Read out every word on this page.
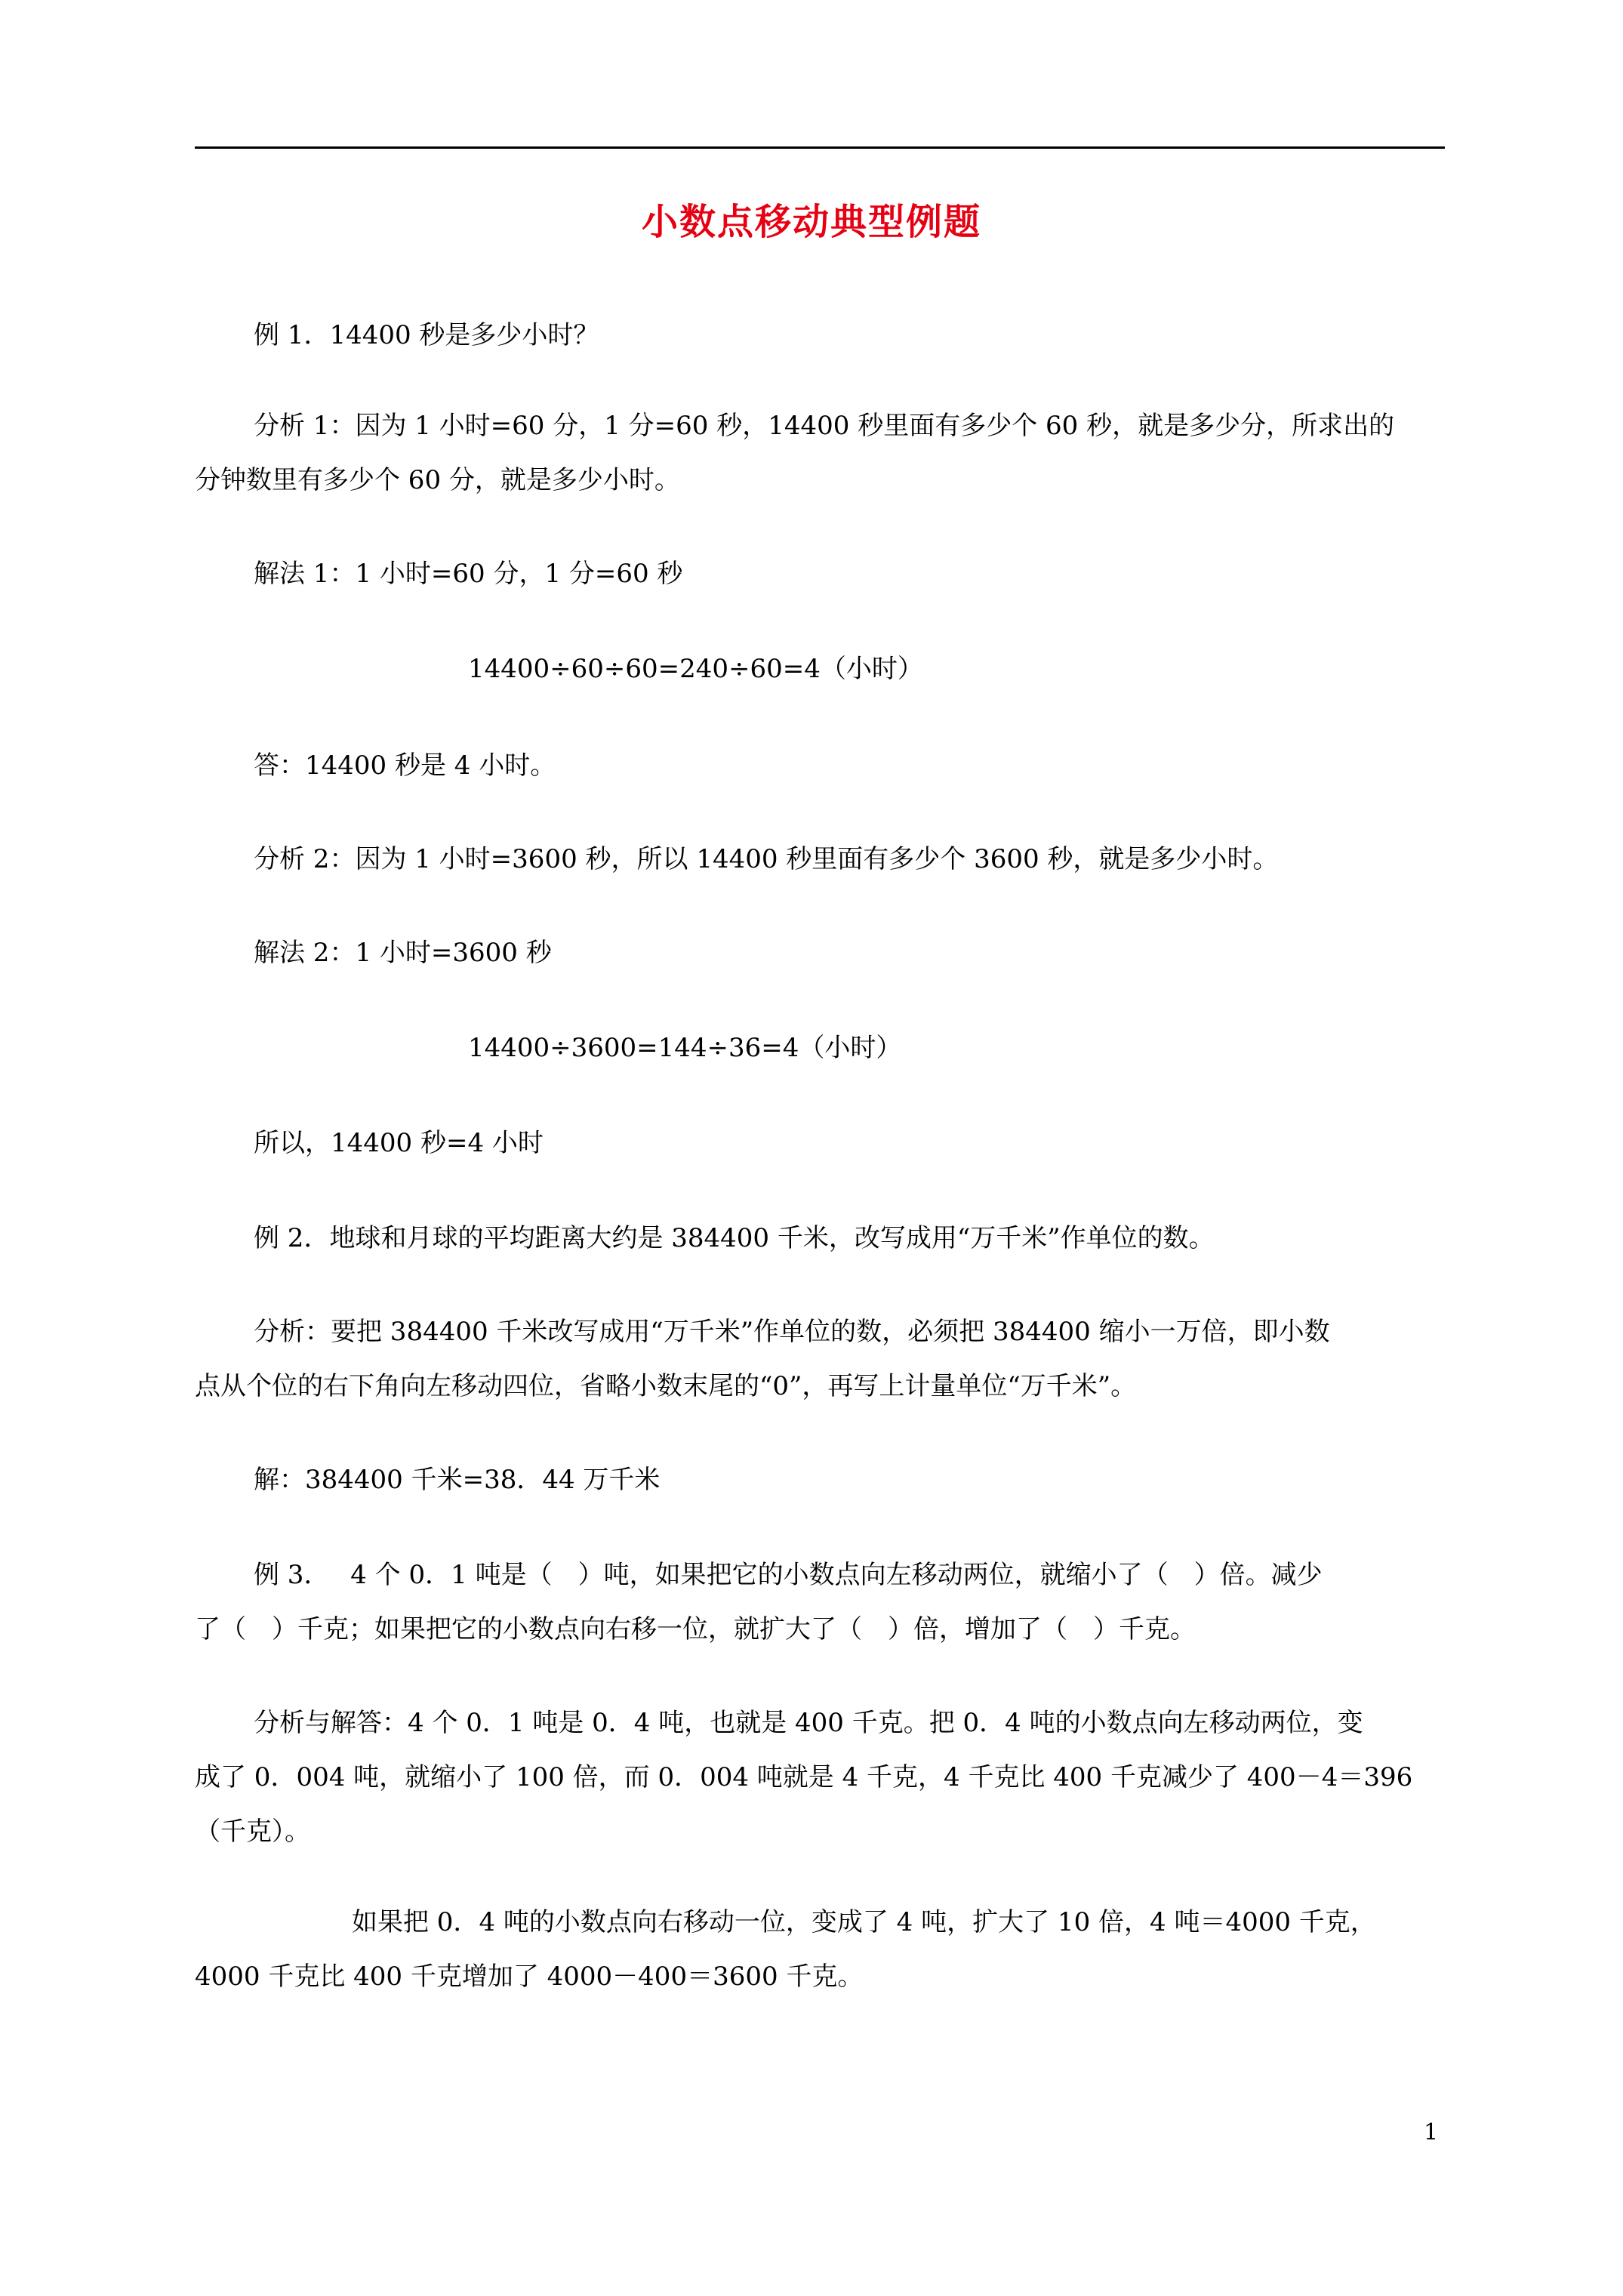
小数点移动典型例题
例 1．14400 秒是多少小时？
分析 1：因为 1 小时=60 分，1 分=60 秒，14400 秒里面有多少个 60 秒，就是多少分，所求出的
分钟数里有多少个 60 分，就是多少小时。
解法 1：1 小时=60 分，1 分=60 秒
14400÷60÷60=240÷60=4（小时）
答：14400 秒是 4 小时。
分析 2：因为 1 小时=3600 秒，所以 14400 秒里面有多少个 3600 秒，就是多少小时。
解法 2：1 小时=3600 秒
14400÷3600=144÷36=4（小时）
所以，14400 秒=4 小时
例 2．地球和月球的平均距离大约是 384400 千米，改写成用“万千米”作单位的数。
分析：要把 384400 千米改写成用“万千米”作单位的数，必须把 384400 缩小一万倍，即小数
点从个位的右下角向左移动四位，省略小数末尾的“0”，再写上计量单位“万千米”。
解：384400 千米=38．44 万千米
例 3．　 4 个 0．1 吨是（　）吨，如果把它的小数点向左移动两位，就缩小了（　）倍。减少
了（　）千克；如果把它的小数点向右移一位，就扩大了（　）倍，增加了（　）千克。
分析与解答：4 个 0．1 吨是 0．4 吨，也就是 400 千克。把 0．4 吨的小数点向左移动两位，变
成了 0．004 吨，就缩小了 100 倍，而 0．004 吨就是 4 千克，4 千克比 400 千克减少了 400－4＝396
（千克）。
如果把 0．4 吨的小数点向右移动一位，变成了 4 吨，扩大了 10 倍，4 吨＝4000 千克，
4000 千克比 400 千克增加了 4000－400＝3600 千克。
1
